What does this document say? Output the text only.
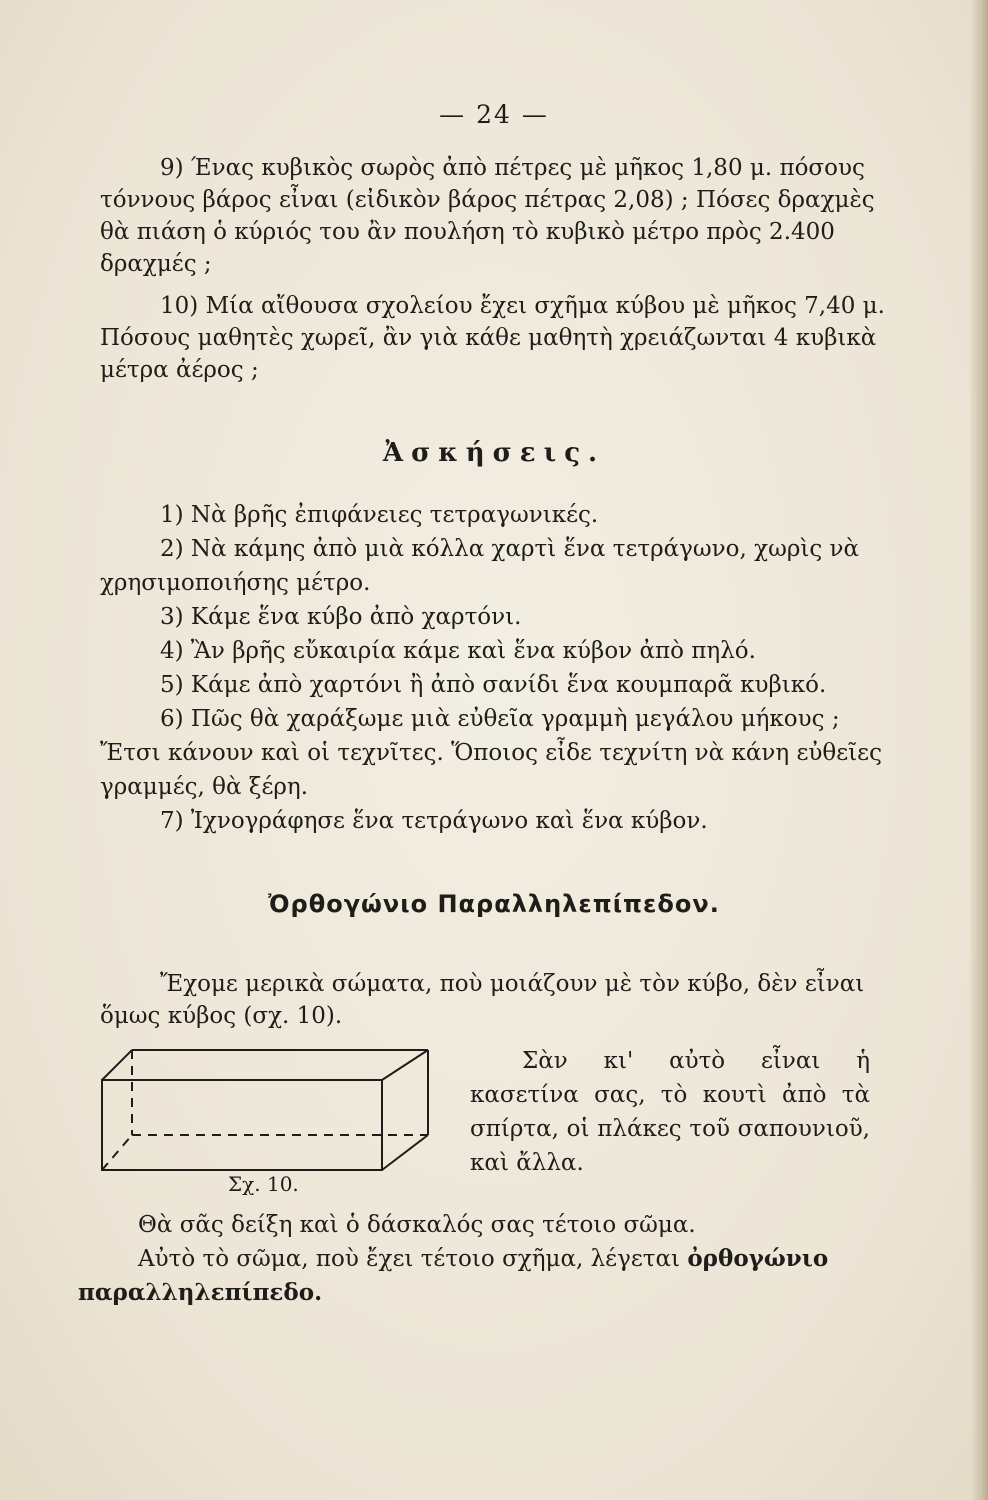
— 24 —

9) Ένας κυβικὸς σωρὸς ἀπὸ πέτρες μὲ μῆκος 1,80 μ. πόσους τόννους βάρος εἶναι (εἰδικὸν βάρος πέτρας 2,08) ; Πόσες δραχμὲς θὰ πιάση ὁ κύριός του ἂν πουλήση τὸ κυβικὸ μέτρο πρὸς 2.400 δραχμές ;

10) Μία αἴθουσα σχολείου ἔχει σχῆμα κύβου μὲ μῆκος 7,40 μ. Πόσους μαθητὲς χωρεῖ, ἂν γιὰ κάθε μαθητὴ χρειάζωνται 4 κυβικὰ μέτρα ἀέρος ;

Ἀσκήσεις.

1) Νὰ βρῆς ἐπιφάνειες τετραγωνικές.

2) Νὰ κάμης ἀπὸ μιὰ κόλλα χαρτὶ ἕνα τετράγωνο, χωρὶς νὰ χρησιμοποιήσης μέτρο.

3) Κάμε ἕνα κύβο ἀπὸ χαρτόνι.

4) Ἂν βρῆς εὔκαιρία κάμε καὶ ἕνα κύβον ἀπὸ πηλό.

5) Κάμε ἀπὸ χαρτόνι ἢ ἀπὸ σανίδι ἕνα κουμπαρᾶ κυβικό.

6) Πῶς θὰ χαράξωμε μιὰ εὐθεῖα γραμμὴ μεγάλου μήκους ; Ἔτσι κάνουν καὶ οἱ τεχνῖτες. Ὅποιος εἶδε τεχνίτη νὰ κάνη εὐθεῖες γραμμές, θὰ ξέρη.

7) Ἰχνογράφησε ἕνα τετράγωνο καὶ ἕνα κύβον.

Ὀρθογώνιο Παραλληλεπίπεδον.

Ἔχομε μερικὰ σώματα, ποὺ μοιάζουν μὲ τὸν κύβο, δὲν εἶναι ὅμως κύβος (σχ. 10).

Σχ. 10.

Σὰν κι' αὐτὸ εἶναι ἡ κασετίνα σας, τὸ κουτὶ ἀπὸ τὰ σπίρτα, οἱ πλάκες τοῦ σαπουνιοῦ, καὶ ἄλλα.

Θὰ σᾶς δείξη καὶ ὁ δάσκαλός σας τέτοιο σῶμα.

Αὐτὸ τὸ σῶμα, ποὺ ἔχει τέτοιο σχῆμα, λέγεται ὀρθογώνιο παραλληλεπίπεδο.
